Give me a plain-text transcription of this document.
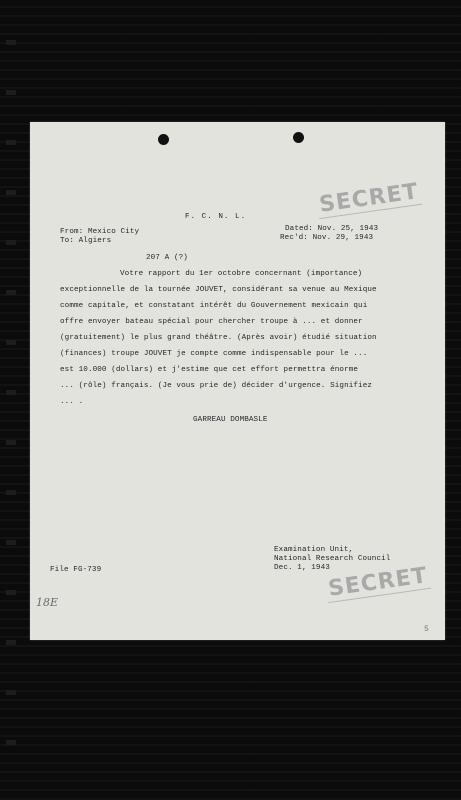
SECRET
F. C. N. L.
From: Mexico City
To: Algiers
Dated: Nov. 25, 1943
Rec'd: Nov. 29, 1943
207 A (?)
Votre rapport du 1er octobre concernant (importance)
exceptionnelle de la tournée JOUVET, considérant sa venue au Mexique
comme capitale, et constatant intérêt du Gouvernement mexicain qui
offre envoyer bateau spécial pour chercher troupe à ... et donner
(gratuitement) le plus grand théâtre. (Après avoir) étudié situation
(finances) troupe JOUVET je compte comme indispensable pour le ...
est 10.000 (dollars) et j'estime que cet effort permettra énorme
... (rôle) français. (Je vous prie de) décider d'urgence. Signifiez
... .
GARREAU DOMBASLE
Examination Unit,
National Research Council
Dec. 1, 1943
File FG-739	SECRET
18E
5
